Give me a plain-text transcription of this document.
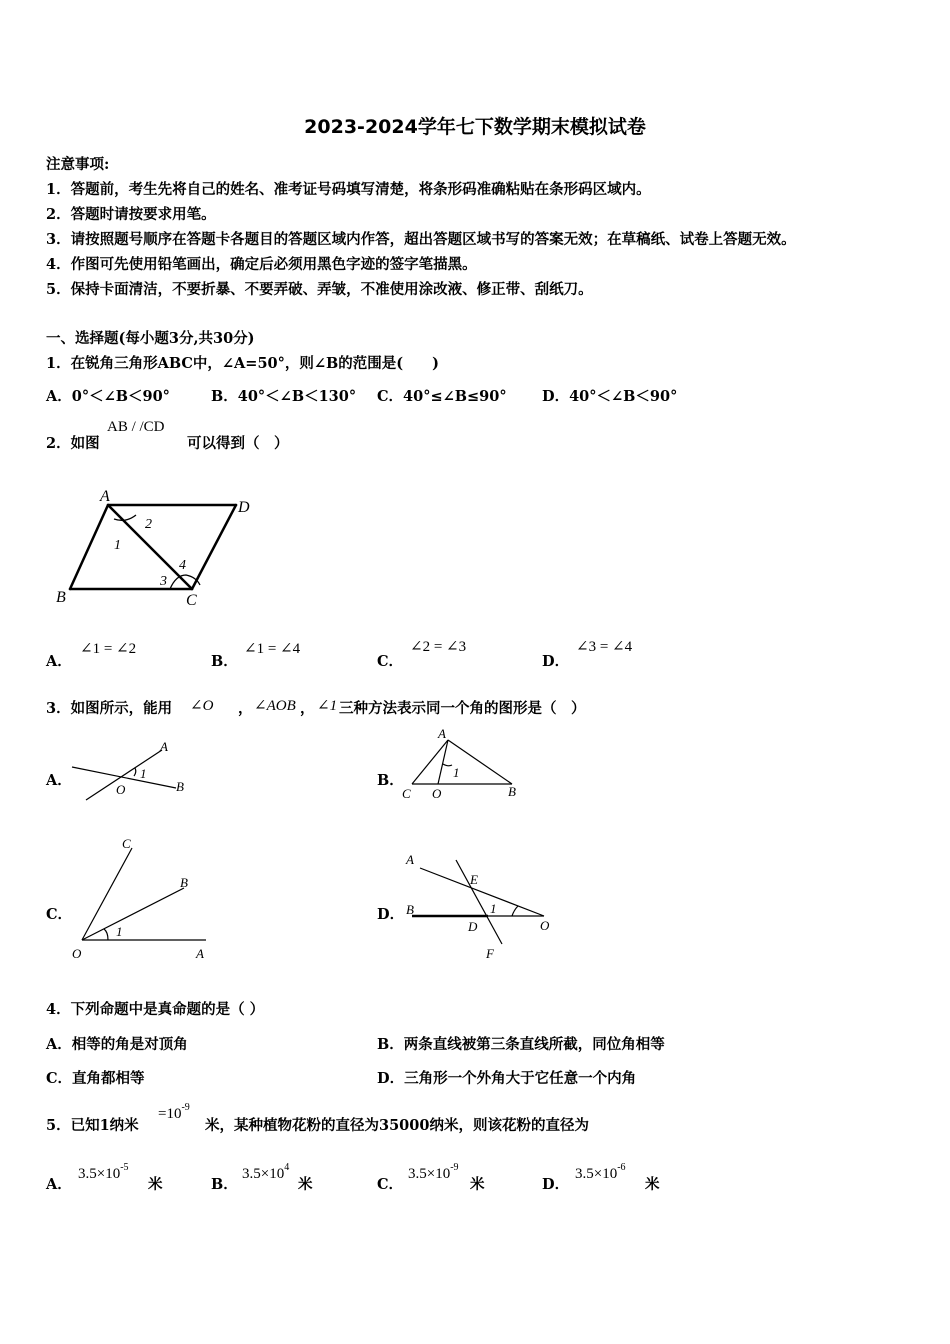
2023-2024学年七下数学期末模拟试卷
注意事项:
1．答题前，考生先将自己的姓名、准考证号码填写清楚，将条形码准确粘贴在条形码区域内。
2．答题时请按要求用笔。
3．请按照题号顺序在答题卡各题目的答题区域内作答，超出答题区域书写的答案无效；在草稿纸、试卷上答题无效。
4．作图可先使用铅笔画出，确定后必须用黑色字迹的签字笔描黑。
5．保持卡面清洁，不要折暴、不要弄破、弄皱，不准使用涂改液、修正带、刮纸刀。
一、选择题(每小题3分,共30分)
1．在锐角三角形ABC中，∠A=50°，则∠B的范围是(　　)
A．0°＜∠B＜90°	B．40°＜∠B＜130° C．40°≤∠B≤90° D．40°＜∠B＜90°
2．如图
AB / /CD
可以得到（　）
A
D
B	C
1
2
3
4
A．
∠1 = ∠2
B．
∠1 = ∠4
C．
∠2 = ∠3
D．
∠3 = ∠4
3．如图所示，能用 ∠O ， ∠AOB ， ∠1 三种方法表示同一个角的图形是（　）
A．
A
O	B
1	B．
A
C O	B
1
C．
C
B
O	A
1
D．
A
E
B	1
D	O
F
4．下列命题中是真命题的是（ ）
A．相等的角是对顶角	B．两条直线被第三条直线所截，同位角相等
C．直角都相等	D．三角形一个外角大于它任意一个内角
5．已知1纳米
$=10^{-9}$
米，某种植物花粉的直径为35000纳米，则该花粉的直径为
A．
$3.5\times 10^{-5}$
米	B．
$3.5\times 10^4$
米	C．
$3.5\times 10^{-9}$
米	D．
$3.5\times 10^{-6}$
米
